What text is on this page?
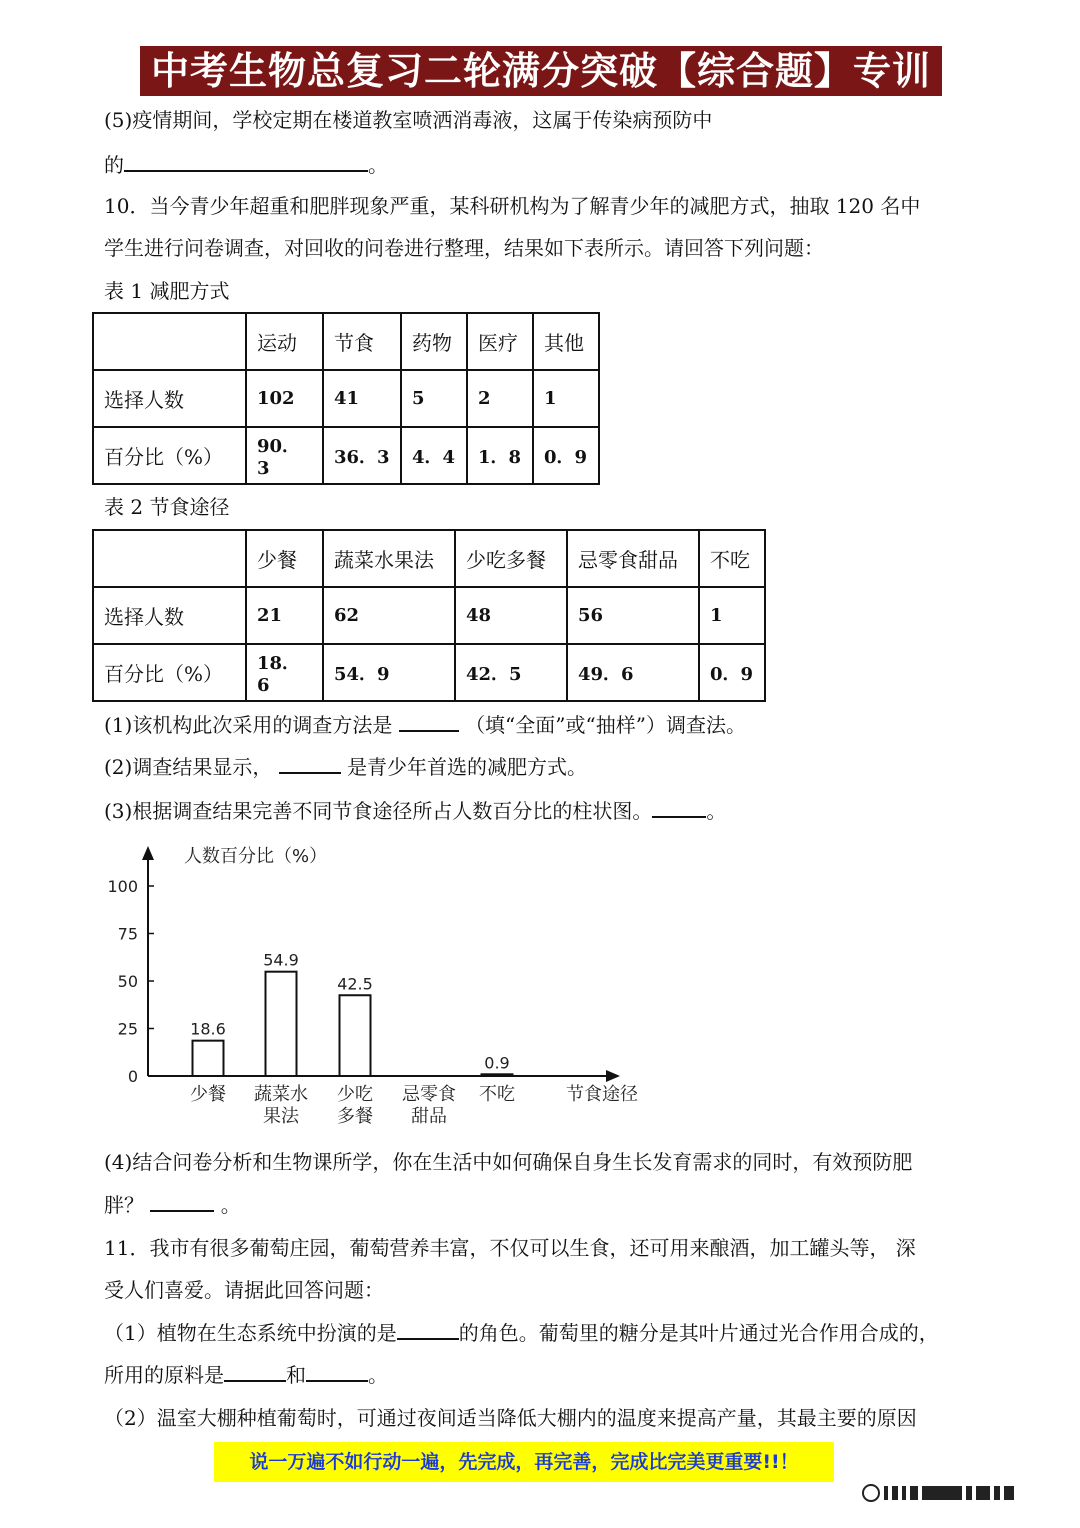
中考生物总复习二轮满分突破【综合题】专训
(5)疫情期间，学校定期在楼道教室喷洒消毒液，这属于传染病预防中
的	。
10．当今青少年超重和肥胖现象严重，某科研机构为了解青少年的减肥方式，抽取 120 名中
学生进行问卷调查，对回收的问卷进行整理，结果如下表所示。请回答下列问题：
表 1 减肥方式
	运动	节食	药物	医疗	其他
选择人数	102	41	5	2	1
百分比（%）	90．3	36．3	4．4	1．8	0．9
表 2 节食途径
	少餐	蔬菜水果法	少吃多餐	忌零食甜品	不吃
选择人数	21	62	48	56	1
百分比（%）	18．6	54．9	42．5	49．6	0．9
(1)该机构此次采用的调查方法是	（填“全面”或“抽样”）调查法。
(2)调查结果显示，	是青少年首选的减肥方式。
(3)根据调查结果完善不同节食途径所占人数百分比的柱状图。	。
人数百分比（%）
0
25
50
75
100
18.6
少餐
54.9
蔬菜水
果法
42.5
少吃
多餐
忌零食
甜品
0.9
不吃	节食途径
(4)结合问卷分析和生物课所学，你在生活中如何确保自身生长发育需求的同时，有效预防肥
胖？	。
11．我市有很多葡萄庄园，葡萄营养丰富，不仅可以生食，还可用来酿酒，加工罐头等， 深
受人们喜爱。请据此回答问题：
（1）植物在生态系统中扮演的是	的角色。葡萄里的糖分是其叶片通过光合作用合成的，
所用的原料是	和	。
（2）温室大棚种植葡萄时，可通过夜间适当降低大棚内的温度来提高产量，其最主要的原因
说一万遍不如行动一遍，先完成，再完善，完成比完美更重要!!！
